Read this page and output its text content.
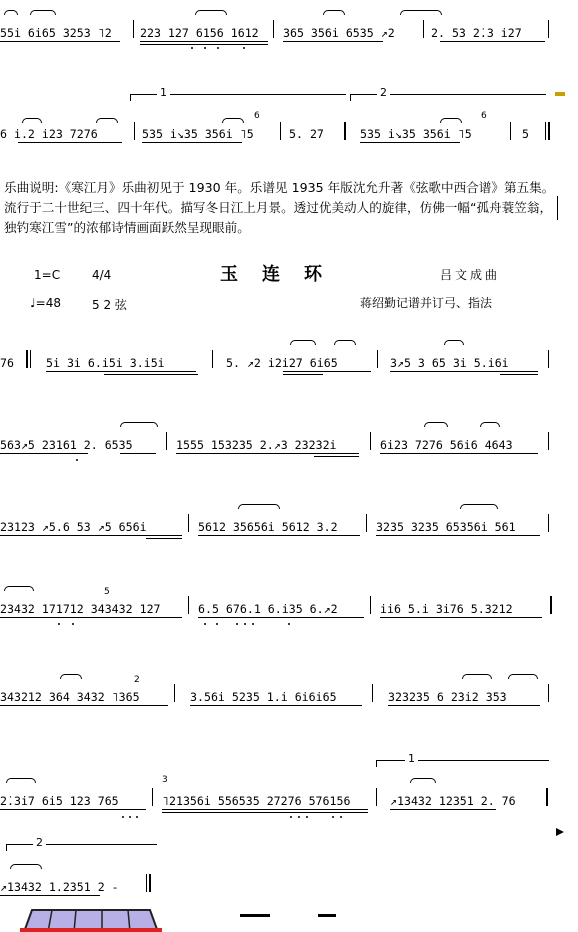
55i 6i65 3253 ˥2

223 127 6156 1612

365 356i 6535 ↗2

	2. 5̇3 2̇.3 i2̇7

1	2

6 i.2 i23 7276

	535 i↘35 356i ˥5

	5. 2̇7

	535 i↘35 356i ˥5

	5

6	6
乐曲说明:《寒江月》乐曲初见于 1930 年。乐谱见 1935 年版沈允升著《弦歌中西合谱》第五集。流行于二十世纪三、四十年代。描写冬日江上月景。透过优美动人的旋律，仿佛一幅“孤舟蓑笠翁，独钓寒江雪”的浓郁诗情画面跃然呈现眼前。
玉连环
1=C	4/4	吕文成曲
♩=48	5 2 弦	蒋绍勤记谱并订弓、指法

76

	5i 3i 6.i5i 3.i5i

	5. ↗2 i2̇i2̇7 6i65

	3↗5 3 65 3i 5.i6i

563↗5 23161 2. 6535

	1555 153235 2.↗3 232̇32i

	6i23 7276 56i6 4643

23123 ↗5.6 53 ↗5 656i

	5612 3565̇6i 5612 3.2

	3235 3235 65356i 561

23432 171712 343432 127

	6.5 676.1 6.i35 6.↗2

	ii6 5.i 3i76 5.3212

5

343212 364 3432 ˥365

	3.56i 5235 1.i 6i6i65

	323235 6 2̇3i2 3̇5̇3

2
1

2̇.3i7 6i5 123 765

	˥21356i 556535 27276 576156

	↗13432 12351 2. 76

3
2

↗13432 1.2351 2 -
